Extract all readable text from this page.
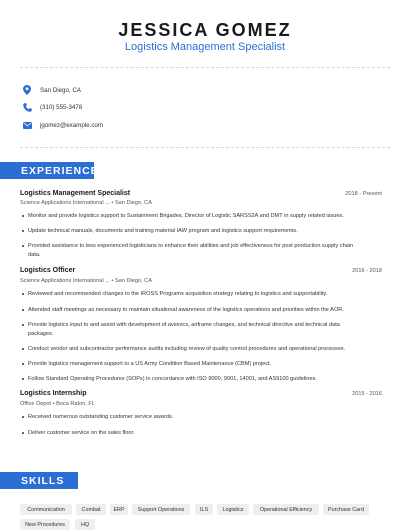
JESSICA GOMEZ
Logistics Management Specialist
San Diego, CA
(310) 555-3478
jgomez@example.com
EXPERIENCE
Logistics Management Specialist	2018 - Present
Science Applications International ... • San Diego, CA
Monitor and provide logistics support to Sustainment Brigades, Director of Logistic SARSS2A and DMT in supply related issues.
Update technical manuals, documents and training material IAW program and logistics support requirements.
Provided assistance to less experienced logisticians to enhance their abilities and job effectiveness for post production supply chain data.
Logistics Officer	2016 - 2018
Science Applications International ... • San Diego, CA
Reviewed and recommended changes to the IROSS Programs acquisition strategy relating to logistics and supportability.
Attended staff meetings as necessary to maintain situational awareness of the logistics operations and priorities within the AOR.
Provide logistics input to and assist with development of avionics, airframe changes, and technical directive and technical data packages.
Conduct vendor and subcontractor performance audits including review of quality control procedures and operational processes.
Provide logistics management support to a US Army Condition Based Maintenance (CBM) project.
Follow Standard Operating Procedures (SOPs) in concordance with ISO 9000, 9001, 14001, and AS9100 guidelines.
Logistics Internship	2015 - 2016
Office Depot • Boca Raton, FL
Received numerous outstanding customer service awards.
Deliver customer service on the sales floor.
SKILLS
Communication	Combat	ERP	Support Operations	ILS	Logistics	Operational Efficiency	Purchase Card
New Procedures	HQ
